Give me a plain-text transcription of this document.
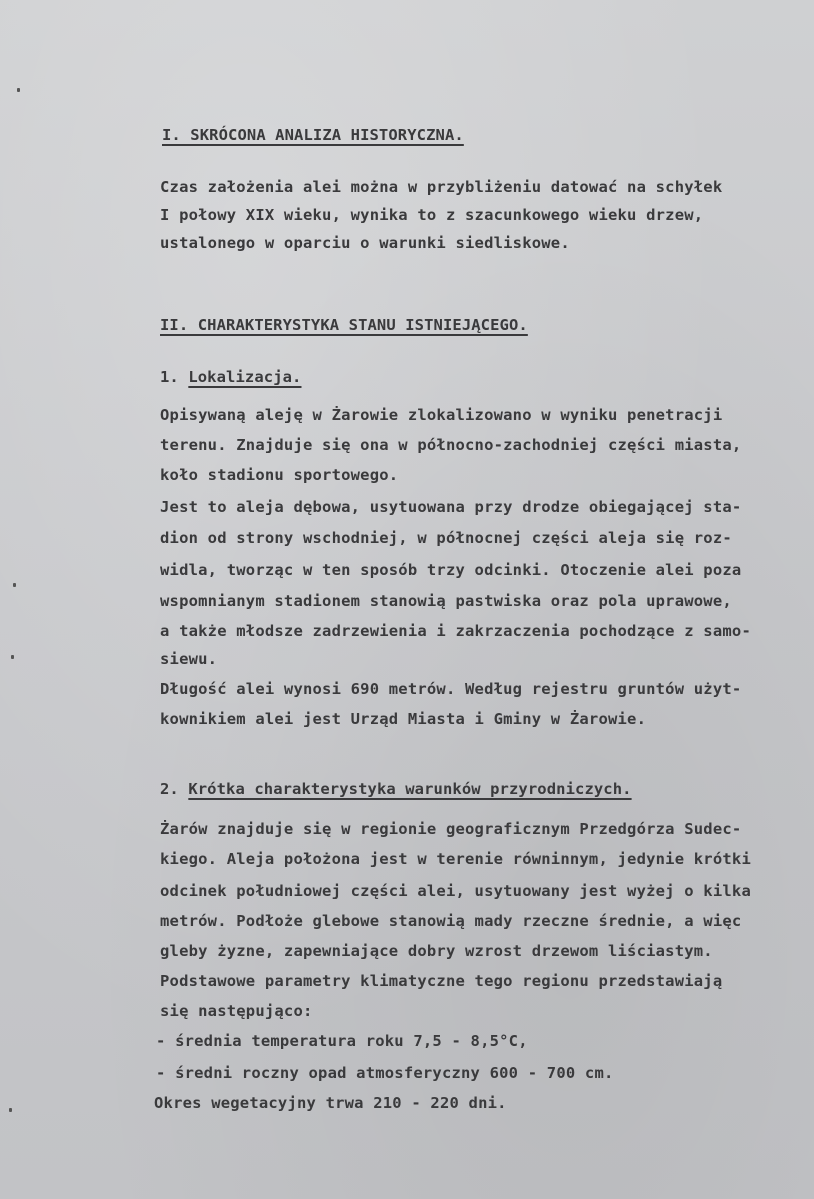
I. SKRÓCONA ANALIZA HISTORYCZNA.

Czas założenia alei można w przybliżeniu datować na schyłek

I połowy XIX wieku, wynika to z szacunkowego wieku drzew,

ustalonego w oparciu o warunki siedliskowe.

II. CHARAKTERYSTYKA STANU ISTNIEJĄCEGO.

1. Lokalizacja.

Opisywaną aleję w Żarowie zlokalizowano w wyniku penetracji

terenu. Znajduje się ona w północno-zachodniej części miasta,

koło stadionu sportowego.

Jest to aleja dębowa, usytuowana przy drodze obiegającej sta-

dion od strony wschodniej, w północnej części aleja się roz-

widla, tworząc w ten sposób trzy odcinki. Otoczenie alei poza

wspomnianym stadionem stanowią pastwiska oraz pola uprawowe,

a także młodsze zadrzewienia i zakrzaczenia pochodzące z samo-

siewu.

Długość alei wynosi 690 metrów. Według rejestru gruntów użyt-

kownikiem alei jest Urząd Miasta i Gminy w Żarowie.

2. Krótka charakterystyka warunków przyrodniczych.

Żarów znajduje się w regionie geograficznym Przedgórza Sudec-

kiego. Aleja położona jest w terenie równinnym, jedynie krótki

odcinek południowej części alei, usytuowany jest wyżej o kilka

metrów. Podłoże glebowe stanowią mady rzeczne średnie, a więc

gleby żyzne, zapewniające dobry wzrost drzewom liściastym.

Podstawowe parametry klimatyczne tego regionu przedstawiają

się następująco:

- średnia temperatura roku 7,5 - 8,5°C,

- średni roczny opad atmosferyczny 600 - 700 cm.

Okres wegetacyjny trwa 210 - 220 dni.
